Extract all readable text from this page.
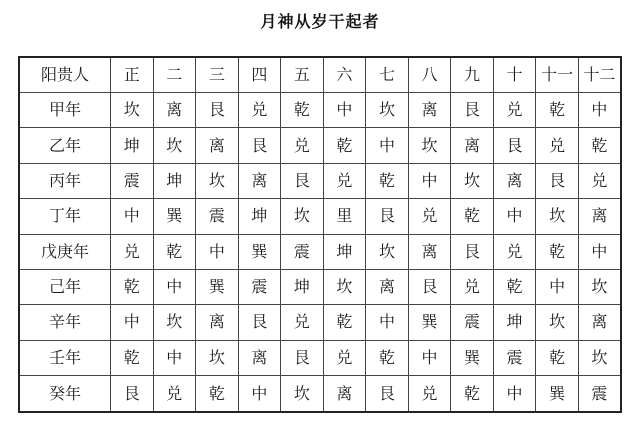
月神从岁干起者
阳贵人	正	二	三	四	五	六	七	八	九	十	十一	十二
甲年	坎	离	艮	兑	乾	中	坎	离	艮	兑	乾	中
乙年	坤	坎	离	艮	兑	乾	中	坎	离	艮	兑	乾
丙年	震	坤	坎	离	艮	兑	乾	中	坎	离	艮	兑
丁年	中	巽	震	坤	坎	里	艮	兑	乾	中	坎	离
戊庚年	兑	乾	中	巽	震	坤	坎	离	艮	兑	乾	中
己年	乾	中	巽	震	坤	坎	离	艮	兑	乾	中	坎
辛年	中	坎	离	艮	兑	乾	中	巽	震	坤	坎	离
壬年	乾	中	坎	离	艮	兑	乾	中	巽	震	乾	坎
癸年	艮	兑	乾	中	坎	离	艮	兑	乾	中	巽	震
